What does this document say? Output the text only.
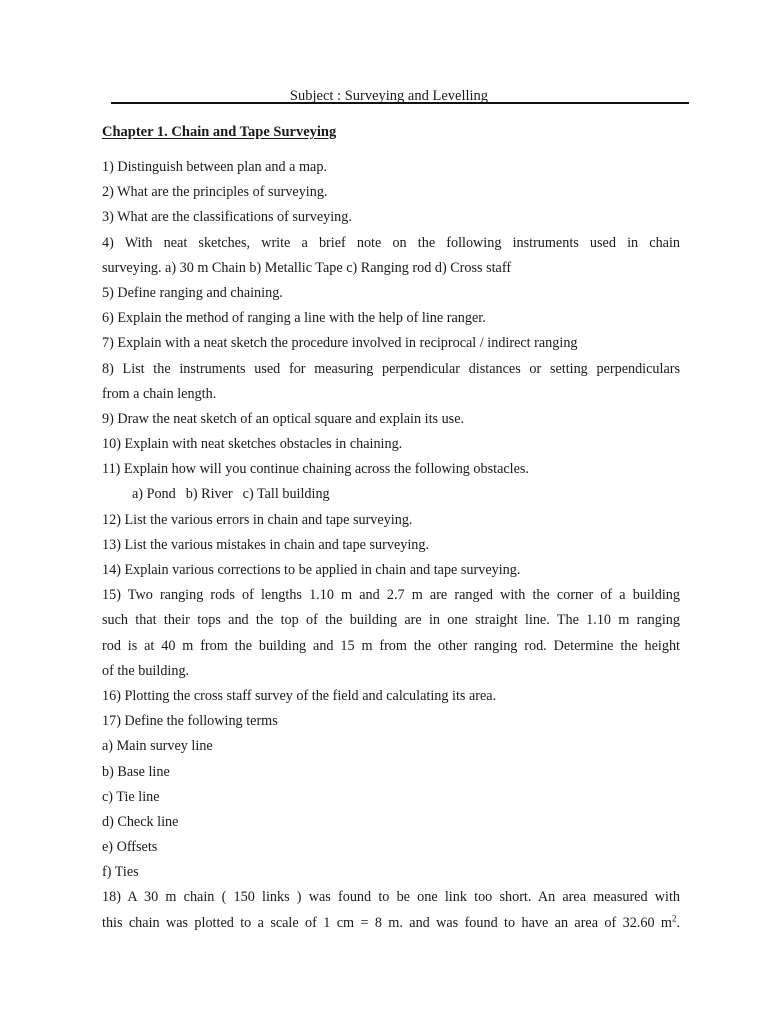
Subject : Surveying and Levelling
Chapter 1. Chain and Tape Surveying
1) Distinguish between plan and a map.
2) What are the principles of surveying.
3) What are the classifications of surveying.
4) With neat sketches, write a brief note on the following instruments used in chain
surveying. a) 30 m Chain b) Metallic Tape c) Ranging rod d) Cross staff
5) Define ranging and chaining.
6) Explain the method of ranging a line with the help of line ranger.
7) Explain with a neat sketch the procedure involved in reciprocal / indirect ranging
8) List the instruments used for measuring perpendicular distances or setting perpendiculars
from a chain length.
9) Draw the neat sketch of an optical square and explain its use.
10) Explain with neat sketches obstacles in chaining.
11) Explain how will you continue chaining across the following obstacles.
a) Pond b) River c) Tall building
12) List the various errors in chain and tape surveying.
13) List the various mistakes in chain and tape surveying.
14) Explain various corrections to be applied in chain and tape surveying.
15) Two ranging rods of lengths 1.10 m and 2.7 m are ranged with the corner of a building
such that their tops and the top of the building are in one straight line. The 1.10 m ranging
rod is at 40 m from the building and 15 m from the other ranging rod. Determine the height
of the building.
16) Plotting the cross staff survey of the field and calculating its area.
17) Define the following terms
a) Main survey line
b) Base line
c) Tie line
d) Check line
e) Offsets
f) Ties
18) A 30 m chain ( 150 links ) was found to be one link too short. An area measured with
this chain was plotted to a scale of 1 cm = 8 m. and was found to have an area of 32.60 $m^2$.
